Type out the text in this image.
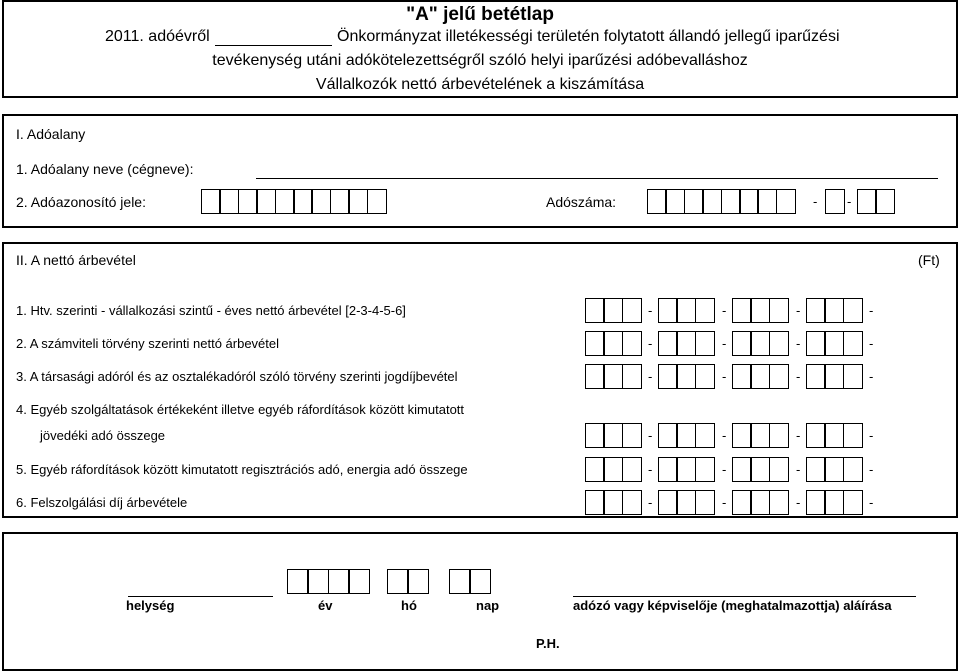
"A" jelű betétlap
2011. adóévről	Önkormányzat illetékességi területén folytatott állandó jellegű iparűzési
tevékenység utáni adókötelezettségről szóló helyi iparűzési adóbevalláshoz
Vállalkozók nettó árbevételének a kiszámítása
I. Adóalany
1. Adóalany neve (cégneve):
2. Adóazonosító jele:	Adószáma:	- -
II. A nettó árbevétel	(Ft)
1. Htv. szerinti - vállalkozási szintű - éves nettó árbevétel [2-3-4-5-6]	-	-	-	-
2. A számviteli törvény szerinti nettó árbevétel	-	-	-	-
3. A társasági adóról és az osztalékadóról szóló törvény szerinti jogdíjbevétel	-	-	-	-
4. Egyéb szolgáltatások értékeként illetve egyéb ráfordítások között kimutatott
jövedéki adó összege	-	-	-	-
5. Egyéb ráfordítások között kimutatott regisztrációs adó, energia adó összege	-	-	-	-
6. Felszolgálási díj árbevétele	-	-	-	-
helység	év	hó	nap	adózó vagy képviselője (meghatalmazottja) aláírása
P.H.
